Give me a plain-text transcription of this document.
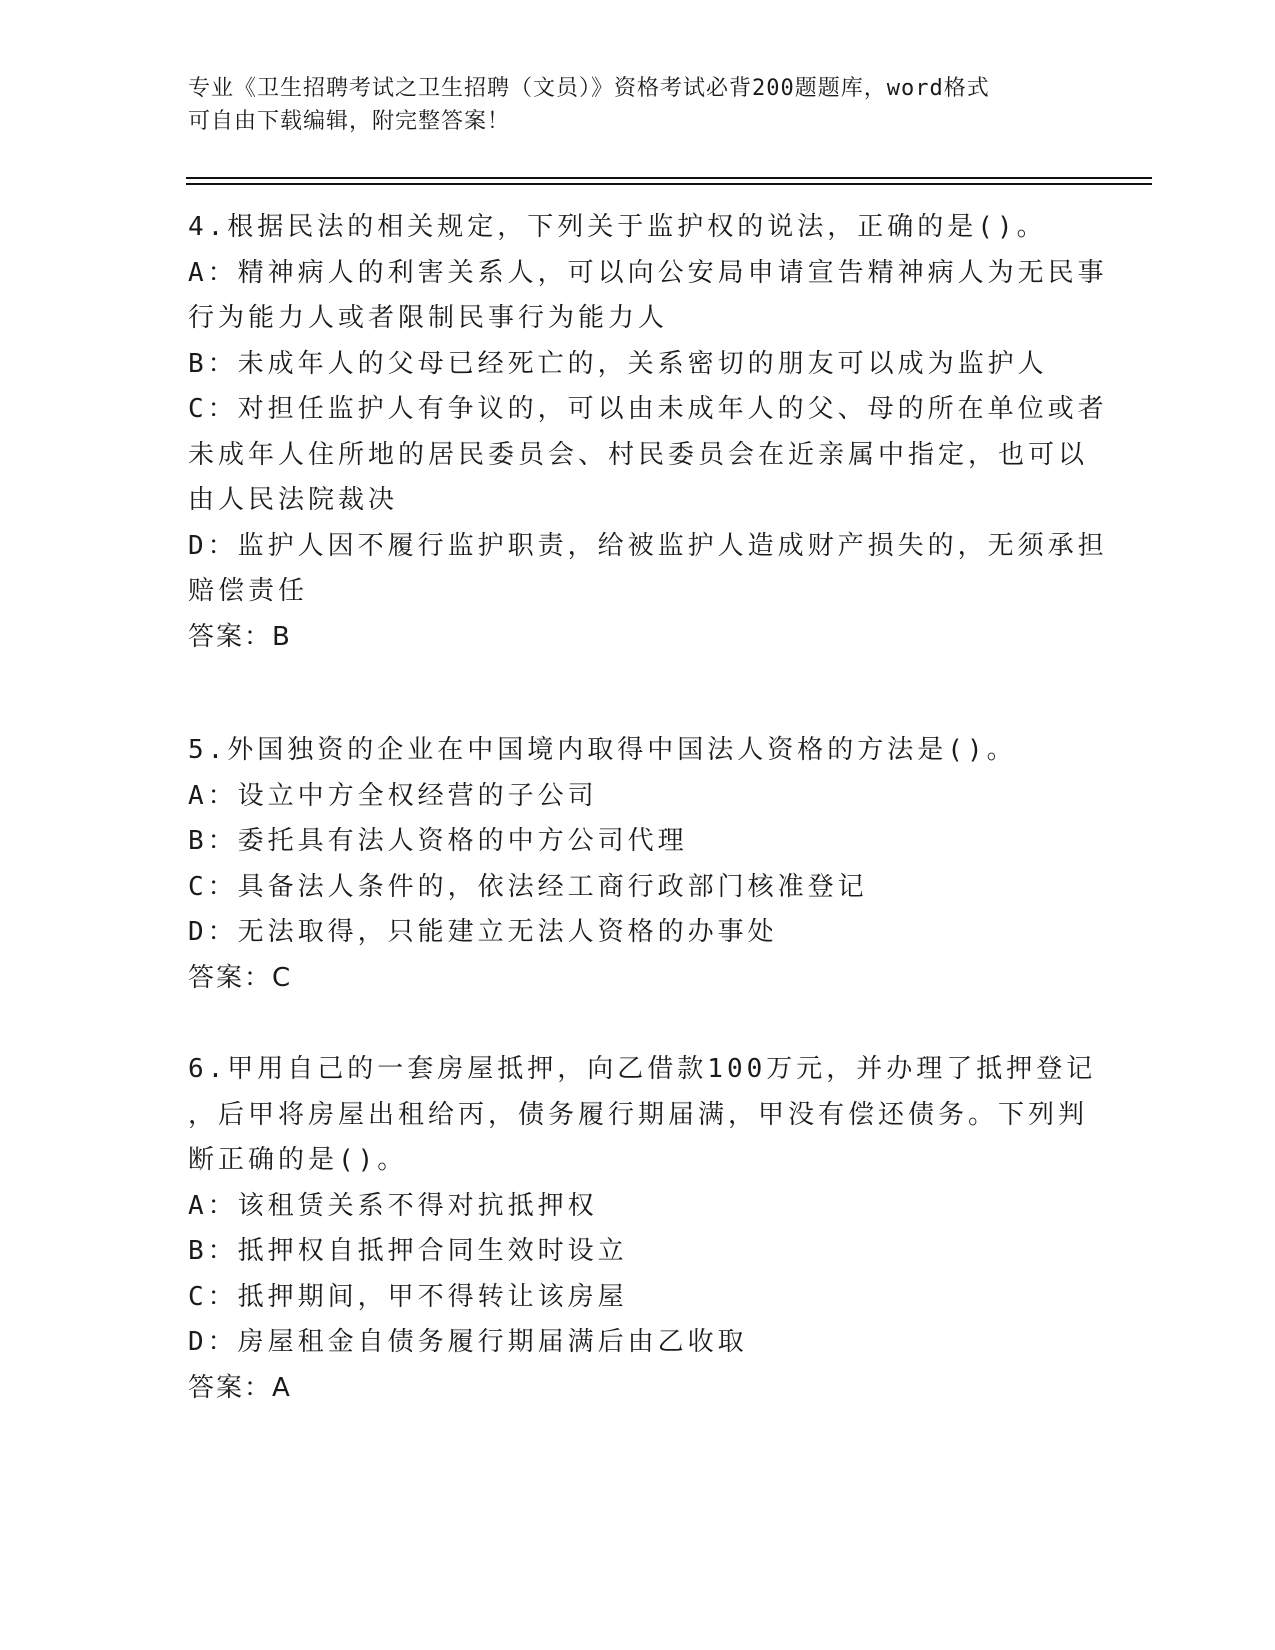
专业《卫生招聘考试之卫生招聘（文员）》资格考试必背200题题库，word格式
可自由下载编辑，附完整答案！
4.根据民法的相关规定，下列关于监护权的说法，正确的是()。
A：精神病人的利害关系人，可以向公安局申请宣告精神病人为无民事
行为能力人或者限制民事行为能力人
B：未成年人的父母已经死亡的，关系密切的朋友可以成为监护人
C：对担任监护人有争议的，可以由未成年人的父、母的所在单位或者
未成年人住所地的居民委员会、村民委员会在近亲属中指定，也可以
由人民法院裁决
D：监护人因不履行监护职责，给被监护人造成财产损失的，无须承担
赔偿责任
答案：B
5.外国独资的企业在中国境内取得中国法人资格的方法是()。
A：设立中方全权经营的子公司
B：委托具有法人资格的中方公司代理
C：具备法人条件的，依法经工商行政部门核准登记
D：无法取得，只能建立无法人资格的办事处
答案：C
6.甲用自己的一套房屋抵押，向乙借款100万元，并办理了抵押登记
，后甲将房屋出租给丙，债务履行期届满，甲没有偿还债务。下列判
断正确的是()。
A：该租赁关系不得对抗抵押权
B：抵押权自抵押合同生效时设立
C：抵押期间，甲不得转让该房屋
D：房屋租金自债务履行期届满后由乙收取
答案：A
